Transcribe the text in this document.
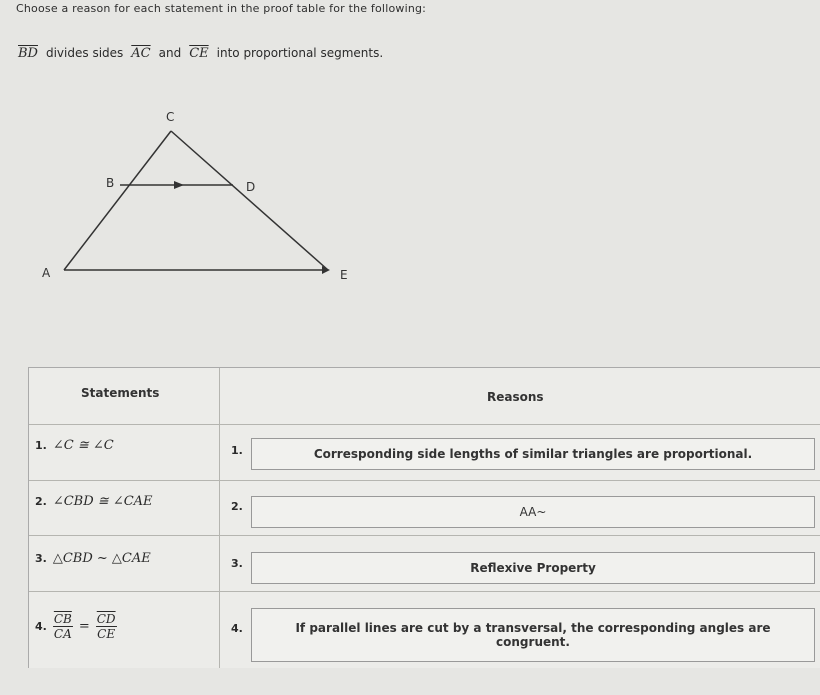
Choose a reason for each statement in the proof table for the following:
$\overline{BD}$ divides sides $\overline{AC}$ and $\overline{CE}$ into proportional segments.
C
B	D
A	E
Statements	Reasons
1. ∠C ≅ ∠C	1.	Corresponding side lengths of similar triangles are proportional.
2. ∠CBD ≅ ∠CAE	2.	AA~
3. △CBD ~ △CAE	3.	Reflexive Property
4. $\frac{\overline{CB}}{CA} = \frac{\overline{CD}}{CE}$	4.	If parallel lines are cut by a transversal, the corresponding angles are congruent.
